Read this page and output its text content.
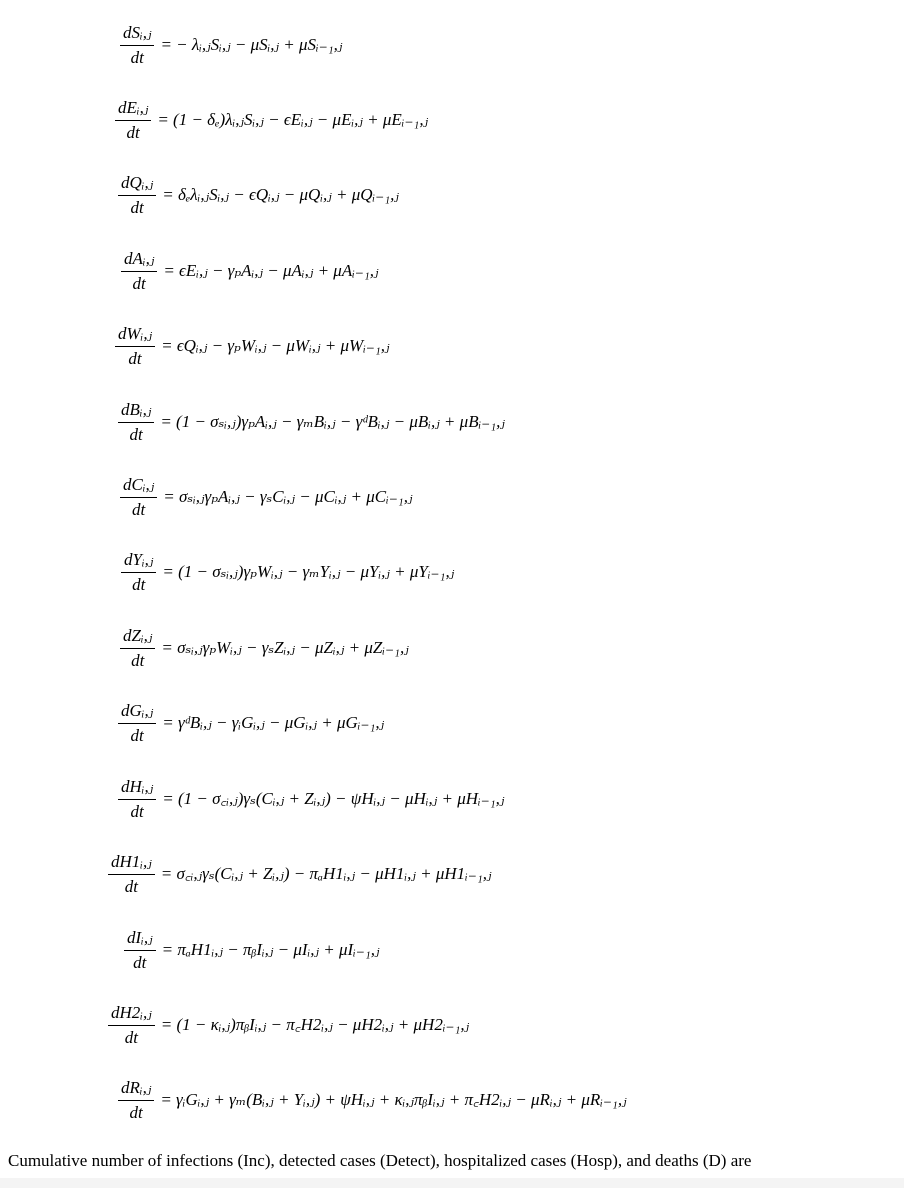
$\frac{\text{dSᵢ,ⱼ}}{dt}$ = − λᵢ,ⱼSᵢ,ⱼ − μSᵢ,ⱼ + μSᵢ₋₁,ⱼ
$\frac{\text{dEᵢ,ⱼ}}{dt} = (1$ − δₑ)λᵢ,ⱼSᵢ,ⱼ − ϵEᵢ,ⱼ − μEᵢ,ⱼ + μEᵢ₋₁,ⱼ
$\frac{\text{dQᵢ,ⱼ}}{dt}$ = δₑλᵢ,ⱼSᵢ,ⱼ − ϵQᵢ,ⱼ − μQᵢ,ⱼ + μQᵢ₋₁,ⱼ
$\frac{\text{dAᵢ,ⱼ}}{dt}$ = ϵEᵢ,ⱼ − γₚAᵢ,ⱼ − μAᵢ,ⱼ + μAᵢ₋₁,ⱼ
$\frac{\text{dWᵢ,ⱼ}}{dt}$ = ϵQᵢ,ⱼ − γₚWᵢ,ⱼ − μWᵢ,ⱼ + μWᵢ₋₁,ⱼ
$\frac{\text{dBᵢ,ⱼ}}{dt} = (1$ − σₛᵢ,ⱼ)γₚAᵢ,ⱼ − γₘBᵢ,ⱼ − γᵈBᵢ,ⱼ − μBᵢ,ⱼ + μBᵢ₋₁,ⱼ
$\frac{\text{dCᵢ,ⱼ}}{dt}$ = σₛᵢ,ⱼγₚAᵢ,ⱼ − γₛCᵢ,ⱼ − μCᵢ,ⱼ + μCᵢ₋₁,ⱼ
$\frac{\text{dYᵢ,ⱼ}}{dt} = (1$ − σₛᵢ,ⱼ)γₚWᵢ,ⱼ − γₘYᵢ,ⱼ − μYᵢ,ⱼ + μYᵢ₋₁,ⱼ
$\frac{\text{dZᵢ,ⱼ}}{dt}$ = σₛᵢ,ⱼγₚWᵢ,ⱼ − γₛZᵢ,ⱼ − μZᵢ,ⱼ + μZᵢ₋₁,ⱼ
$\frac{\text{dGᵢ,ⱼ}}{dt}$ = γᵈBᵢ,ⱼ − γᵢGᵢ,ⱼ − μGᵢ,ⱼ + μGᵢ₋₁,ⱼ
$\frac{\text{dHᵢ,ⱼ}}{dt} = (1$ − σ꜀ᵢ,ⱼ)γₛ(Cᵢ,ⱼ + Zᵢ,ⱼ) − ψHᵢ,ⱼ − μHᵢ,ⱼ + μHᵢ₋₁,ⱼ
$\frac{\text{dH1ᵢ,ⱼ}}{dt}$ = σ꜀ᵢ,ⱼγₛ(Cᵢ,ⱼ + Zᵢ,ⱼ) − πₐH1ᵢ,ⱼ − μH1ᵢ,ⱼ + μH1ᵢ₋₁,ⱼ
$\frac{\text{dIᵢ,ⱼ}}{dt}$ = πₐH1ᵢ,ⱼ − πᵦIᵢ,ⱼ − μIᵢ,ⱼ + μIᵢ₋₁,ⱼ
$\frac{\text{dH2ᵢ,ⱼ}}{dt} = (1$ − κᵢ,ⱼ)πᵦIᵢ,ⱼ − π꜀H2ᵢ,ⱼ − μH2ᵢ,ⱼ + μH2ᵢ₋₁,ⱼ
$\frac{\text{dRᵢ,ⱼ}}{dt}$ = γᵢGᵢ,ⱼ + γₘ(Bᵢ,ⱼ + Yᵢ,ⱼ) + ψHᵢ,ⱼ + κᵢ,ⱼπᵦIᵢ,ⱼ + π꜀H2ᵢ,ⱼ − μRᵢ,ⱼ + μRᵢ₋₁,ⱼ
Cumulative number of infections (Inc), detected cases (Detect), hospitalized cases (Hosp), and deaths (D) are
